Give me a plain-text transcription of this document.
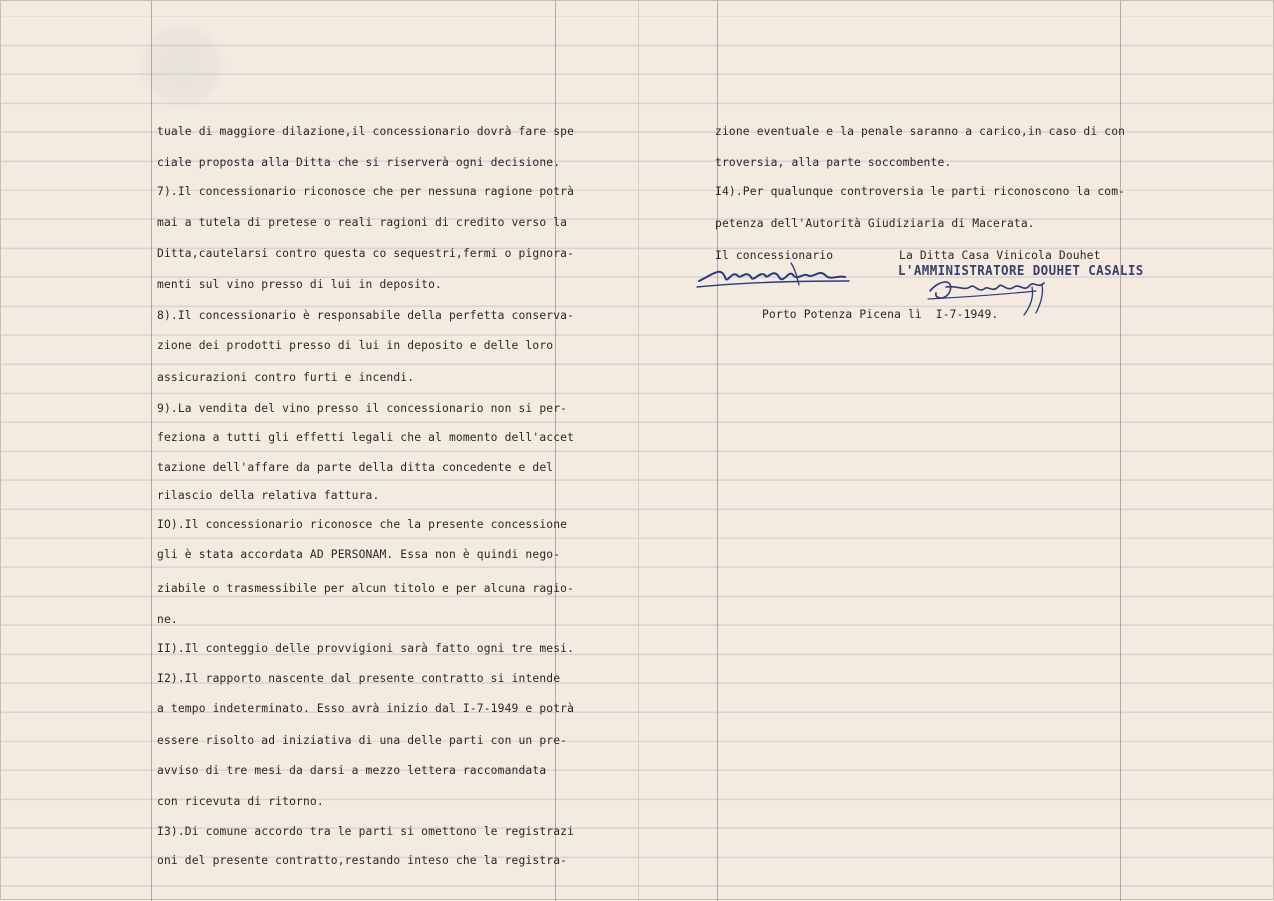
tuale di maggiore dilazione,il concessionario dovrà fare spe
ciale proposta alla Ditta che si riserverà ogni decisione.
7).Il concessionario riconosce che per nessuna ragione potrà
mai a tutela di pretese o reali ragioni di credito verso la
Ditta,cautelarsi contro questa co sequestri,fermi o pignora-
menti sul vino presso di lui in deposito.
8).Il concessionario è responsabile della perfetta conserva-
zione dei prodotti presso di lui in deposito e delle loro
assicurazioni contro furti e incendi.
9).La vendita del vino presso il concessionario non si per-
feziona a tutti gli effetti legali che al momento dell'accet
tazione dell'affare da parte della ditta concedente e del
rilascio della relativa fattura.
IO).Il concessionario riconosce che la presente concessione
gli è stata accordata AD PERSONAM. Essa non è quindi nego-
ziabile o trasmessibile per alcun titolo e per alcuna ragio-
ne.
II).Il conteggio delle provvigioni sarà fatto ogni tre mesi.
I2).Il rapporto nascente dal presente contratto si intende
a tempo indeterminato. Esso avrà inizio dal I-7-1949 e potrà
essere risolto ad iniziativa di una delle parti con un pre-
avviso di tre mesi da darsi a mezzo lettera raccomandata
con ricevuta di ritorno.
I3).Di comune accordo tra le parti si omettono le registrazi
oni del presente contratto,restando inteso che la registra-
zione eventuale e la penale saranno a carico,in caso di con
troversia, alla parte soccombente.
I4).Per qualunque controversia le parti riconoscono la com-
petenza dell'Autorità Giudiziaria di Macerata.
Il concessionario	La Ditta Casa Vinicola Douhet
Porto Potenza Picena lì  I-7-1949.
L'AMMINISTRATORE DOUHET CASALIS
